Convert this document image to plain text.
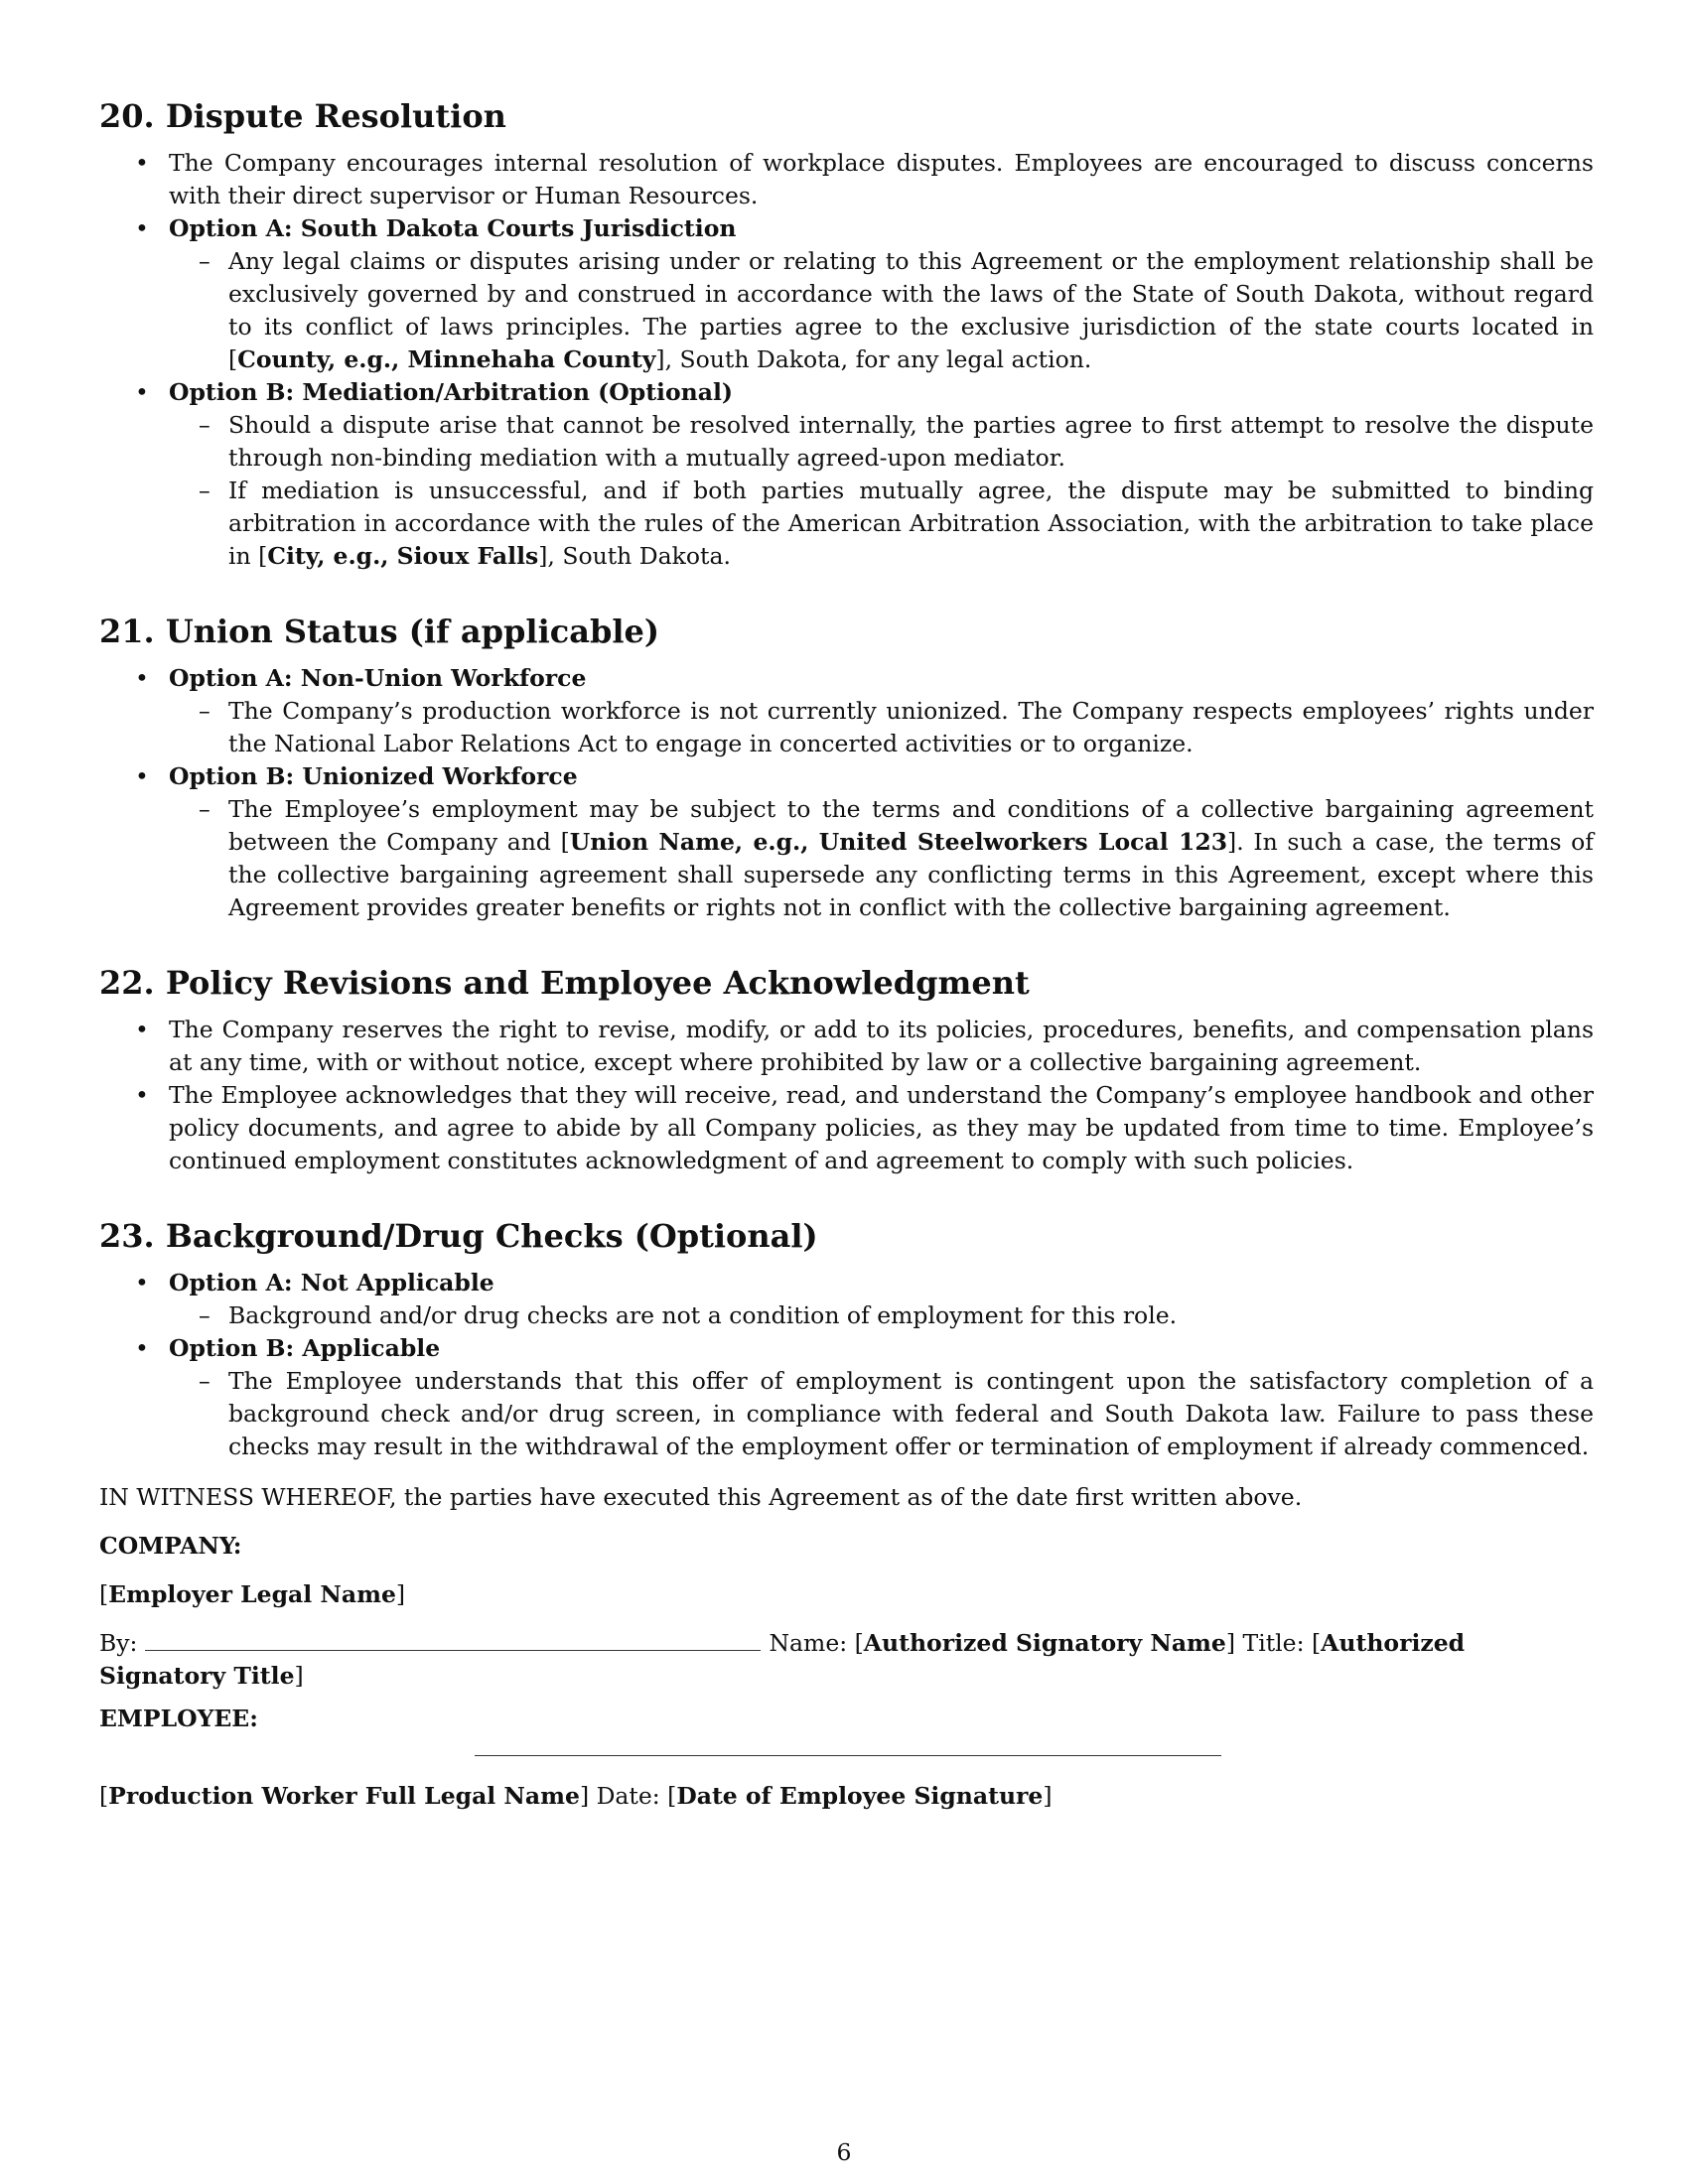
20. Dispute Resolution
• The Company encourages internal resolution of workplace disputes. Employees are encouraged to discuss concerns with their direct supervisor or Human Resources.
• Option A: South Dakota Courts Jurisdiction
– Any legal claims or disputes arising under or relating to this Agreement or the employment relationship shall be exclusively governed by and construed in accordance with the laws of the State of South Dakota, without regard to its conflict of laws principles. The parties agree to the exclusive jurisdiction of the state courts located in [County, e.g., Minnehaha County], South Dakota, for any legal action.
• Option B: Mediation/Arbitration (Optional)
– Should a dispute arise that cannot be resolved internally, the parties agree to first attempt to resolve the dispute through non-binding mediation with a mutually agreed-upon mediator.
– If mediation is unsuccessful, and if both parties mutually agree, the dispute may be submitted to binding arbitration in accordance with the rules of the American Arbitration Association, with the arbitration to take place in [City, e.g., Sioux Falls], South Dakota.
21. Union Status (if applicable)
• Option A: Non-Union Workforce
– The Company’s production workforce is not currently unionized. The Company respects employees’ rights under the National Labor Relations Act to engage in concerted activities or to organize.
• Option B: Unionized Workforce
– The Employee’s employment may be subject to the terms and conditions of a collective bargaining agreement between the Company and [Union Name, e.g., United Steelworkers Local 123]. In such a case, the terms of the collective bargaining agreement shall supersede any conflicting terms in this Agreement, except where this Agreement provides greater benefits or rights not in conflict with the collective bargaining agreement.
22. Policy Revisions and Employee Acknowledgment
• The Company reserves the right to revise, modify, or add to its policies, procedures, benefits, and compensation plans at any time, with or without notice, except where prohibited by law or a collective bargaining agreement.
• The Employee acknowledges that they will receive, read, and understand the Company’s employee handbook and other policy documents, and agree to abide by all Company policies, as they may be updated from time to time. Employee’s continued employment constitutes acknowledgment of and agreement to comply with such policies.
23. Background/Drug Checks (Optional)
• Option A: Not Applicable
– Background and/or drug checks are not a condition of employment for this role.
• Option B: Applicable
– The Employee understands that this offer of employment is contingent upon the satisfactory completion of a background check and/or drug screen, in compliance with federal and South Dakota law. Failure to pass these checks may result in the withdrawal of the employment offer or termination of employment if already commenced.

IN WITNESS WHEREOF, the parties have executed this Agreement as of the date first written above.

COMPANY:

[Employer Legal Name]

By:	Name: [Authorized Signatory Name] Title: [Authorized Signatory Title]

EMPLOYEE:

[Production Worker Full Legal Name] Date: [Date of Employee Signature]

6
